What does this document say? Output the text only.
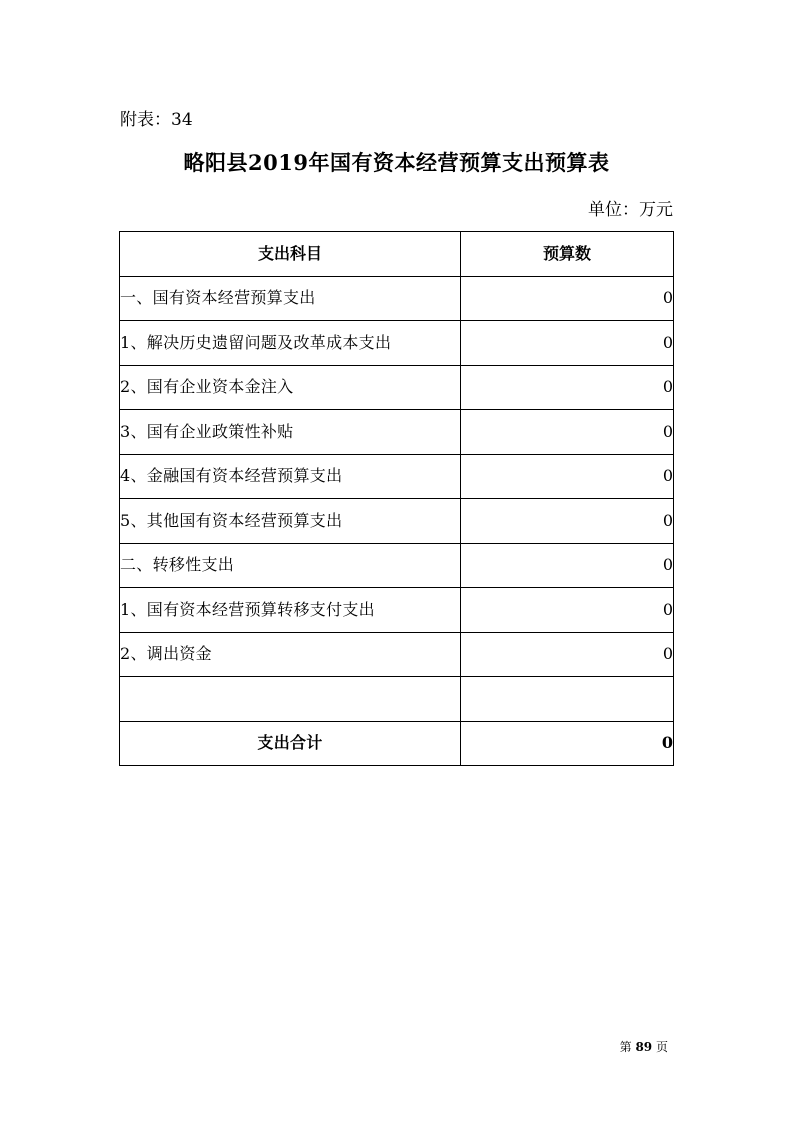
附表：34
略阳县2019年国有资本经营预算支出预算表
单位：万元
支出科目	预算数
一、国有资本经营预算支出	0
1、解决历史遗留问题及改革成本支出	0
2、国有企业资本金注入	0
3、国有企业政策性补贴	0
4、金融国有资本经营预算支出	0
5、其他国有资本经营预算支出	0
二、转移性支出	0
1、国有资本经营预算转移支付支出	0
2、调出资金	0

支出合计	0
第 89 页
